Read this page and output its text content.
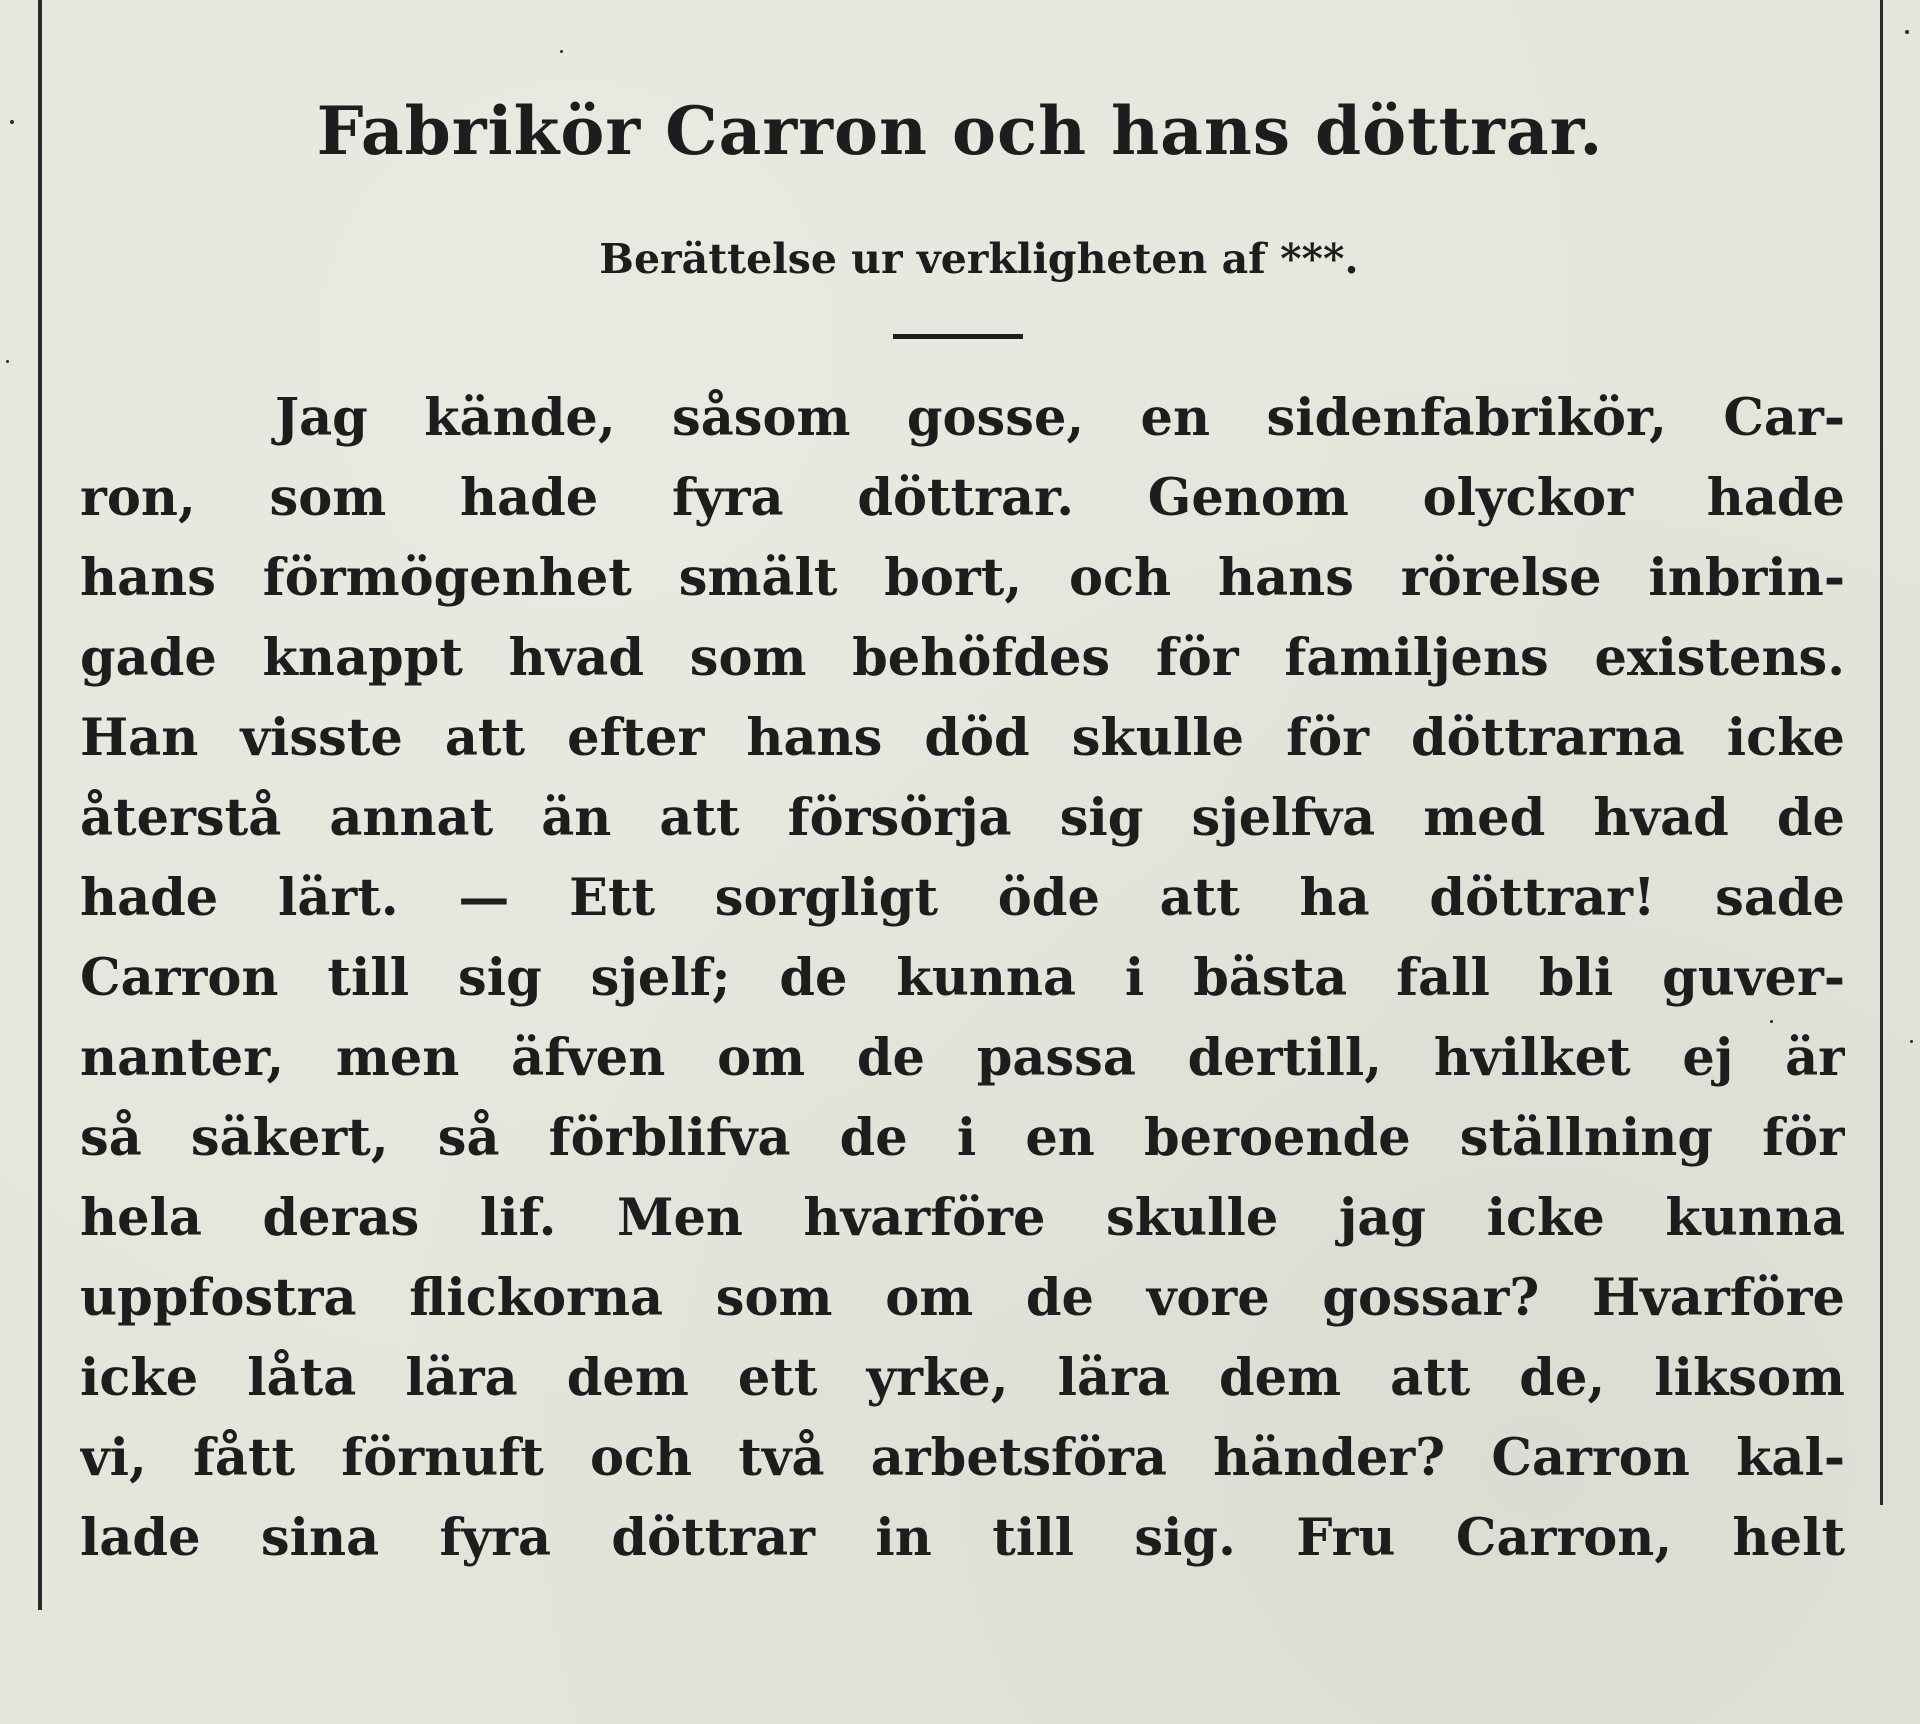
Fabrikör Carron och hans döttrar.
Berättelse ur verkligheten af ***.
Jag kände, såsom gosse, en sidenfabrikör, Car-
ron, som hade fyra döttrar. Genom olyckor hade
hans förmögenhet smält bort, och hans rörelse inbrin-
gade knappt hvad som behöfdes för familjens existens.
Han visste att efter hans död skulle för döttrarna icke
återstå annat än att försörja sig sjelfva med hvad de
hade lärt. — Ett sorgligt öde att ha döttrar! sade
Carron till sig sjelf; de kunna i bästa fall bli guver-
nanter, men äfven om de passa dertill, hvilket ej är
så säkert, så förblifva de i en beroende ställning för
hela deras lif. Men hvarföre skulle jag icke kunna
uppfostra flickorna som om de vore gossar? Hvarföre
icke låta lära dem ett yrke, lära dem att de, liksom
vi, fått förnuft och två arbetsföra händer? Carron kal-
lade sina fyra döttrar in till sig. Fru Carron, helt
